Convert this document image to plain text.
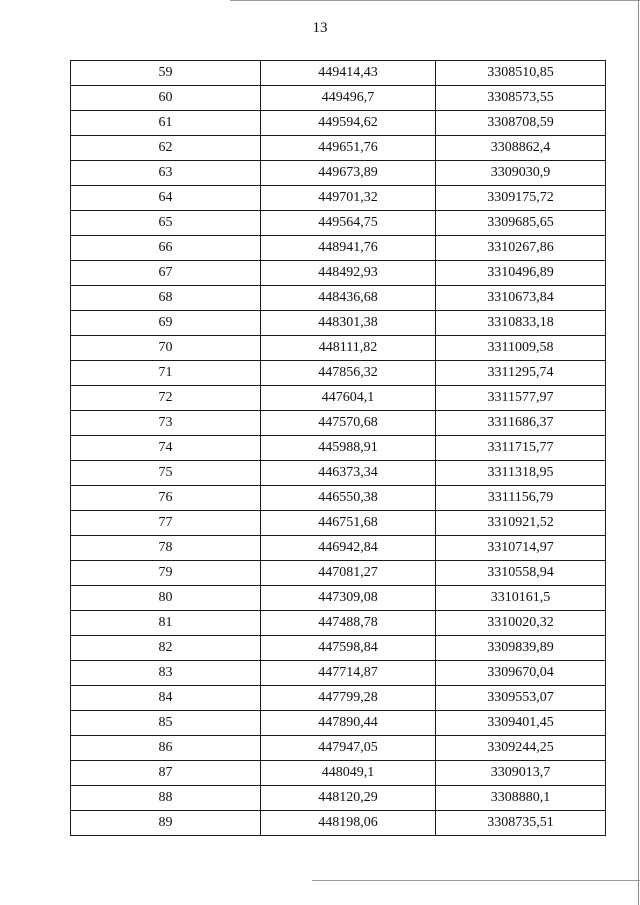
13
59	449414,43	3308510,85
60	449496,7	3308573,55
61	449594,62	3308708,59
62	449651,76	3308862,4
63	449673,89	3309030,9
64	449701,32	3309175,72
65	449564,75	3309685,65
66	448941,76	3310267,86
67	448492,93	3310496,89
68	448436,68	3310673,84
69	448301,38	3310833,18
70	448111,82	3311009,58
71	447856,32	3311295,74
72	447604,1	3311577,97
73	447570,68	3311686,37
74	445988,91	3311715,77
75	446373,34	3311318,95
76	446550,38	3311156,79
77	446751,68	3310921,52
78	446942,84	3310714,97
79	447081,27	3310558,94
80	447309,08	3310161,5
81	447488,78	3310020,32
82	447598,84	3309839,89
83	447714,87	3309670,04
84	447799,28	3309553,07
85	447890,44	3309401,45
86	447947,05	3309244,25
87	448049,1	3309013,7
88	448120,29	3308880,1
89	448198,06	3308735,51
